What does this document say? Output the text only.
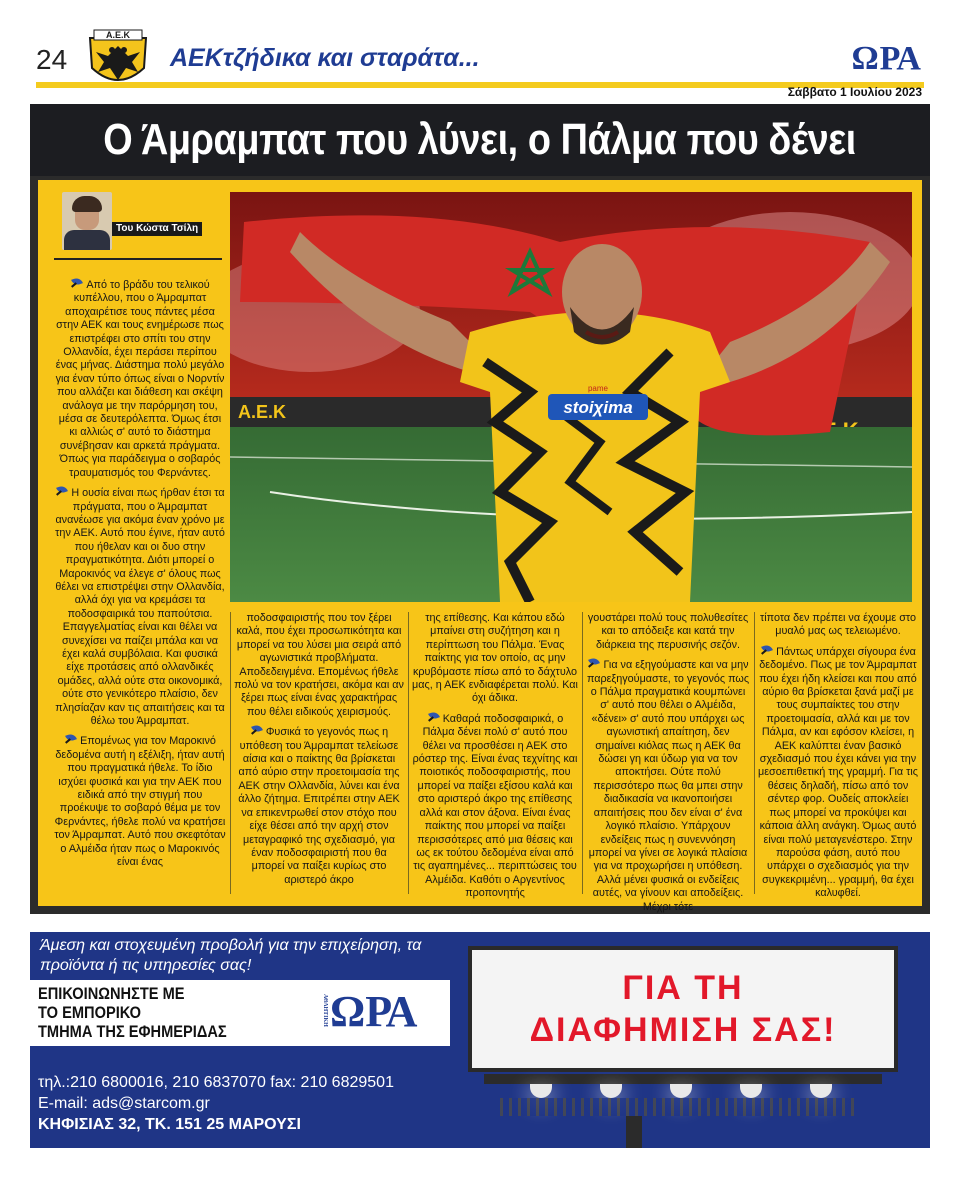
24
Α.Ε.Κ
AEKτζήδικα και σταράτα...	ΩΡΑ
Σάββατο 1 Ιουλίου 2023
Ο Άμραμπατ που λύνει, ο Πάλμα που δένει
Του Κώστα Τσίλη
Α.Ε.Κ	stoiχima
pame

Από το βράδυ του τελικού κυπέλλου, που ο Άμραμπατ αποχαιρέτισε τους πάντες μέσα στην ΑΕΚ και τους ενημέρωσε πως επιστρέφει στο σπίτι του στην Ολλανδία, έχει περάσει περίπου ένας μήνας. Διάστημα πολύ μεγάλο για έναν τύπο όπως είναι ο Νορντίν που αλλάζει και διάθεση και σκέψη ανάλογα με την παρόρμηση του, μέσα σε δευτερόλεπτα. Όμως έτσι κι αλλιώς σ' αυτό το διάστημα συνέβησαν και αρκετά πράγματα. Όπως για παράδειγμα ο σοβαρός τραυματισμός του Φερνάντες.

Η ουσία είναι πως ήρθαν έτσι τα πράγματα, που ο Άμραμπατ ανανέωσε για ακόμα έναν χρόνο με την ΑΕΚ. Αυτό που έγινε, ήταν αυτό που ήθελαν και οι δυο στην πραγματικότητα. Διότι μπορεί ο Μαροκινός να έλεγε σ' όλους πως θέλει να επιστρέψει στην Ολλανδία, αλλά όχι για να κρεμάσει τα ποδοσφαιρικά του παπούτσια. Επαγγελματίας είναι και θέλει να συνεχίσει να παίζει μπάλα και να έχει καλά συμβόλαια. Και φυσικά είχε προτάσεις από ολλανδικές ομάδες, αλλά ούτε στα οικονομικά, ούτε στο γενικότερο πλαίσιο, δεν πλησίαζαν καν τις απαιτήσεις και τα θέλω του Άμραμπατ.

Επομένως για τον Μαροκινό δεδομένα αυτή η εξέλιξη, ήταν αυτή που πραγματικά ήθελε. Το ίδιο ισχύει φυσικά και για την ΑΕΚ που ειδικά από την στιγμή που προέκυψε το σοβαρό θέμα με τον Φερνάντες, ήθελε πολύ να κρατήσει τον Άμραμπατ. Αυτό που σκεφτόταν ο Αλμέιδα ήταν πως ο Μαροκινός είναι ένας

ποδοσφαιριστής που τον ξέρει καλά, που έχει προσωπικότητα και μπορεί να του λύσει μια σειρά από αγωνιστικά προβλήματα. Αποδεδειγμένα. Επομένως ήθελε πολύ να τον κρατήσει, ακόμα και αν ξέρει πως είναι ένας χαρακτήρας που θέλει ειδικούς χειρισμούς.

Φυσικά το γεγονός πως η υπόθεση του Άμραμπατ τελείωσε αίσια και ο παίκτης θα βρίσκεται από αύριο στην προετοιμασία της ΑΕΚ στην Ολλανδία, λύνει και ένα άλλο ζήτημα. Επιτρέπει στην ΑΕΚ να επικεντρωθεί στον στόχο που είχε θέσει από την αρχή στον μεταγραφικό της σχεδιασμό, για έναν ποδοσφαιριστή που θα μπορεί να παίξει κυρίως στο αριστερό άκρο

της επίθεσης. Και κάπου εδώ μπαίνει στη συζήτηση και η περίπτωση του Πάλμα. Ένας παίκτης για τον οποίο, ας μην κρυβόμαστε πίσω από το δάχτυλο μας, η ΑΕΚ ενδιαφέρεται πολύ. Και όχι άδικα.

Καθαρά ποδοσφαιρικά, ο Πάλμα δένει πολύ σ' αυτό που θέλει να προσθέσει η ΑΕΚ στο ρόστερ της. Είναι ένας τεχνίτης και ποιοτικός ποδοσφαιριστής, που μπορεί να παίξει εξίσου καλά και στο αριστερό άκρο της επίθεσης αλλά και στον άξονα. Είναι ένας παίκτης που μπορεί να παίξει περισσότερες από μια θέσεις και ως εκ τούτου δεδομένα είναι από τις αγαπημένες... περιπτώσεις του Αλμέιδα. Καθότι ο Αργεντίνος προπονητής

γουστάρει πολύ τους πολυθεσίτες και το απόδειξε και κατά την διάρκεια της περυσινής σεζόν.

Για να εξηγούμαστε και να μην παρεξηγούμαστε, το γεγονός πως ο Πάλμα πραγματικά κουμπώνει σ' αυτό που θέλει ο Αλμέιδα, «δένει» σ' αυτό που υπάρχει ως αγωνιστική απαίτηση, δεν σημαίνει κιόλας πως η ΑΕΚ θα δώσει γη και ύδωρ για να τον αποκτήσει. Ούτε πολύ περισσότερο πως θα μπει στην διαδικασία να ικανοποιήσει απαιτήσεις που δεν είναι σ' ένα λογικό πλαίσιο. Υπάρχουν ενδείξεις πως η συνεννόηση μπορεί να γίνει σε λογικά πλαίσια για να προχωρήσει η υπόθεση. Αλλά μένει φυσικά οι ενδείξεις αυτές, να γίνουν και αποδείξεις. Μέχρι τότε

τίποτα δεν πρέπει να έχουμε στο μυαλό μας ως τελειωμένο.

Πάντως υπάρχει σίγουρα ένα δεδομένο. Πως με τον Άμραμπατ που έχει ήδη κλείσει και που από αύριο θα βρίσκεται ξανά μαζί με τους συμπαίκτες του στην προετοιμασία, αλλά και με τον Πάλμα, αν και εφόσον κλείσει, η ΑΕΚ καλύπτει έναν βασικό σχεδιασμό που έχει κάνει για την μεσοεπιθετική της γραμμή. Για τις θέσεις δηλαδή, πίσω από τον σέντερ φορ. Ουδείς αποκλείει πως μπορεί να προκύψει και κάποια άλλη ανάγκη. Όμως αυτό είναι πολύ μεταγενέστερο. Στην παρούσα φάση, αυτό που υπάρχει ο σχεδιασμός για την συγκεκριμένη... γραμμή, θα έχει καλυφθεί.

Άμεση και στοχευμένη προβολή για την επιχείρηση, τα προϊόντα ή τις υπηρεσίες σας!
ΕΠΙΚΟΙΝΩΝΗΣΤΕ ΜΕ
ΤΟ ΕΜΠΟΡΙΚΟ
ΤΜΗΜΑ ΤΗΣ ΕΦΗΜΕΡΙΔΑΣ
ΑΘΛΗΤΙΚΗ ΩΡΑ
τηλ.:210 6800016, 210 6837070 fax: 210 6829501
E-mail: ads@starcom.gr
ΚΗΦΙΣΙΑΣ 32, ΤΚ. 151 25 ΜΑΡΟΥΣΙ
ΓΙΑ ΤΗ
ΔΙΑΦΗΜΙΣΗ ΣΑΣ!
